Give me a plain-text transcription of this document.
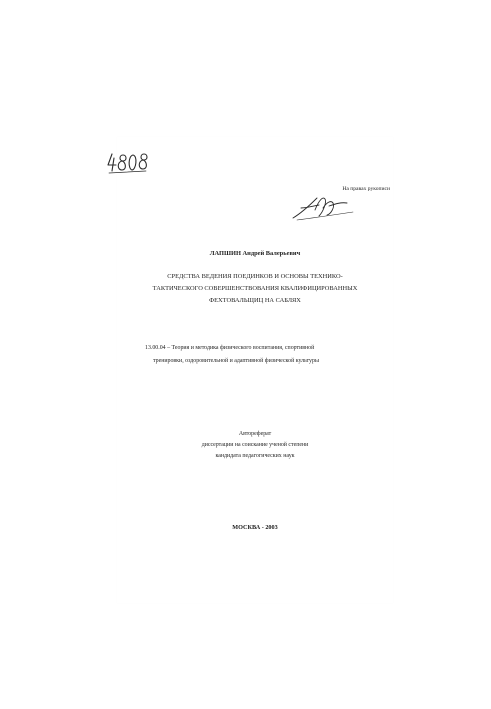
На правах рукописи
ЛАПШИН Андрей Валерьевич
СРЕДСТВА ВЕДЕНИЯ ПОЕДИНКОВ И ОСНОВЫ ТЕХНИКО-
ТАКТИЧЕСКОГО СОВЕРШЕНСТВОВАНИЯ КВАЛИФИЦИРОВАННЫХ
ФЕХТОВАЛЬЩИЦ НА САБЛЯХ
13.00.04 – Теория и методика физического воспитания, спортивной
тренировки, оздоровительной и адаптивной физической культуры
Автореферат
диссертации на соискание ученой степени
кандидата педагогических наук
МОСКВА - 2003
